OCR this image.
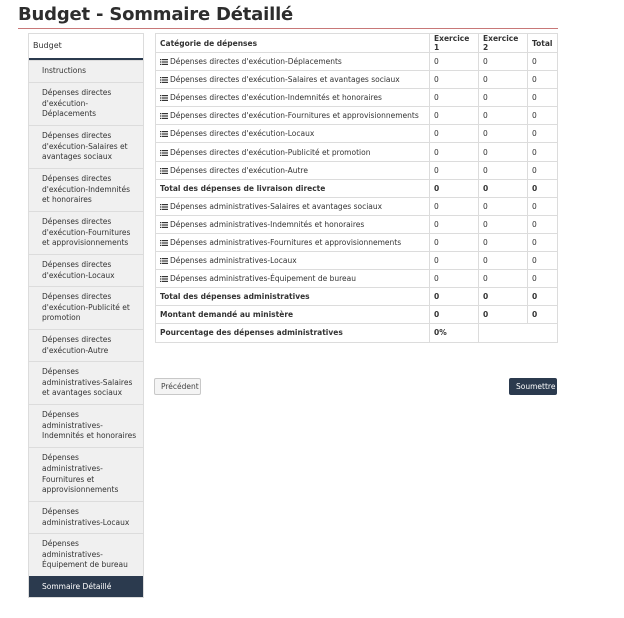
Budget - Sommaire Détaillé
Budget
Instructions
Dépenses directes d'exécution-Déplacements
Dépenses directes d'exécution-Salaires et avantages sociaux
Dépenses directes d'exécution-Indemnités et honoraires
Dépenses directes d'exécution-Fournitures et approvisionnements
Dépenses directes d'exécution-Locaux
Dépenses directes d'exécution-Publicité et promotion
Dépenses directes d'exécution-Autre
Dépenses administratives-Salaires et avantages sociaux
Dépenses administratives-Indemnités et honoraires
Dépenses administratives-Fournitures et approvisionnements
Dépenses administratives-Locaux
Dépenses administratives-Équipement de bureau
Sommaire Détaillé
Catégorie de dépenses	Exercice 1	Exercice 2	Total
Dépenses directes d'exécution-Déplacements	0	0	0
Dépenses directes d'exécution-Salaires et avantages sociaux	0	0	0
Dépenses directes d'exécution-Indemnités et honoraires	0	0	0
Dépenses directes d'exécution-Fournitures et approvisionnements	0	0	0
Dépenses directes d'exécution-Locaux	0	0	0
Dépenses directes d'exécution-Publicité et promotion	0	0	0
Dépenses directes d'exécution-Autre	0	0	0
Total des dépenses de livraison directe	0	0	0
Dépenses administratives-Salaires et avantages sociaux	0	0	0
Dépenses administratives-Indemnités et honoraires	0	0	0
Dépenses administratives-Fournitures et approvisionnements	0	0	0
Dépenses administratives-Locaux	0	0	0
Dépenses administratives-Équipement de bureau	0	0	0
Total des dépenses administratives	0	0	0
Montant demandé au ministère	0	0	0
Pourcentage des dépenses administratives	0%		
Précédent	Soumettre
